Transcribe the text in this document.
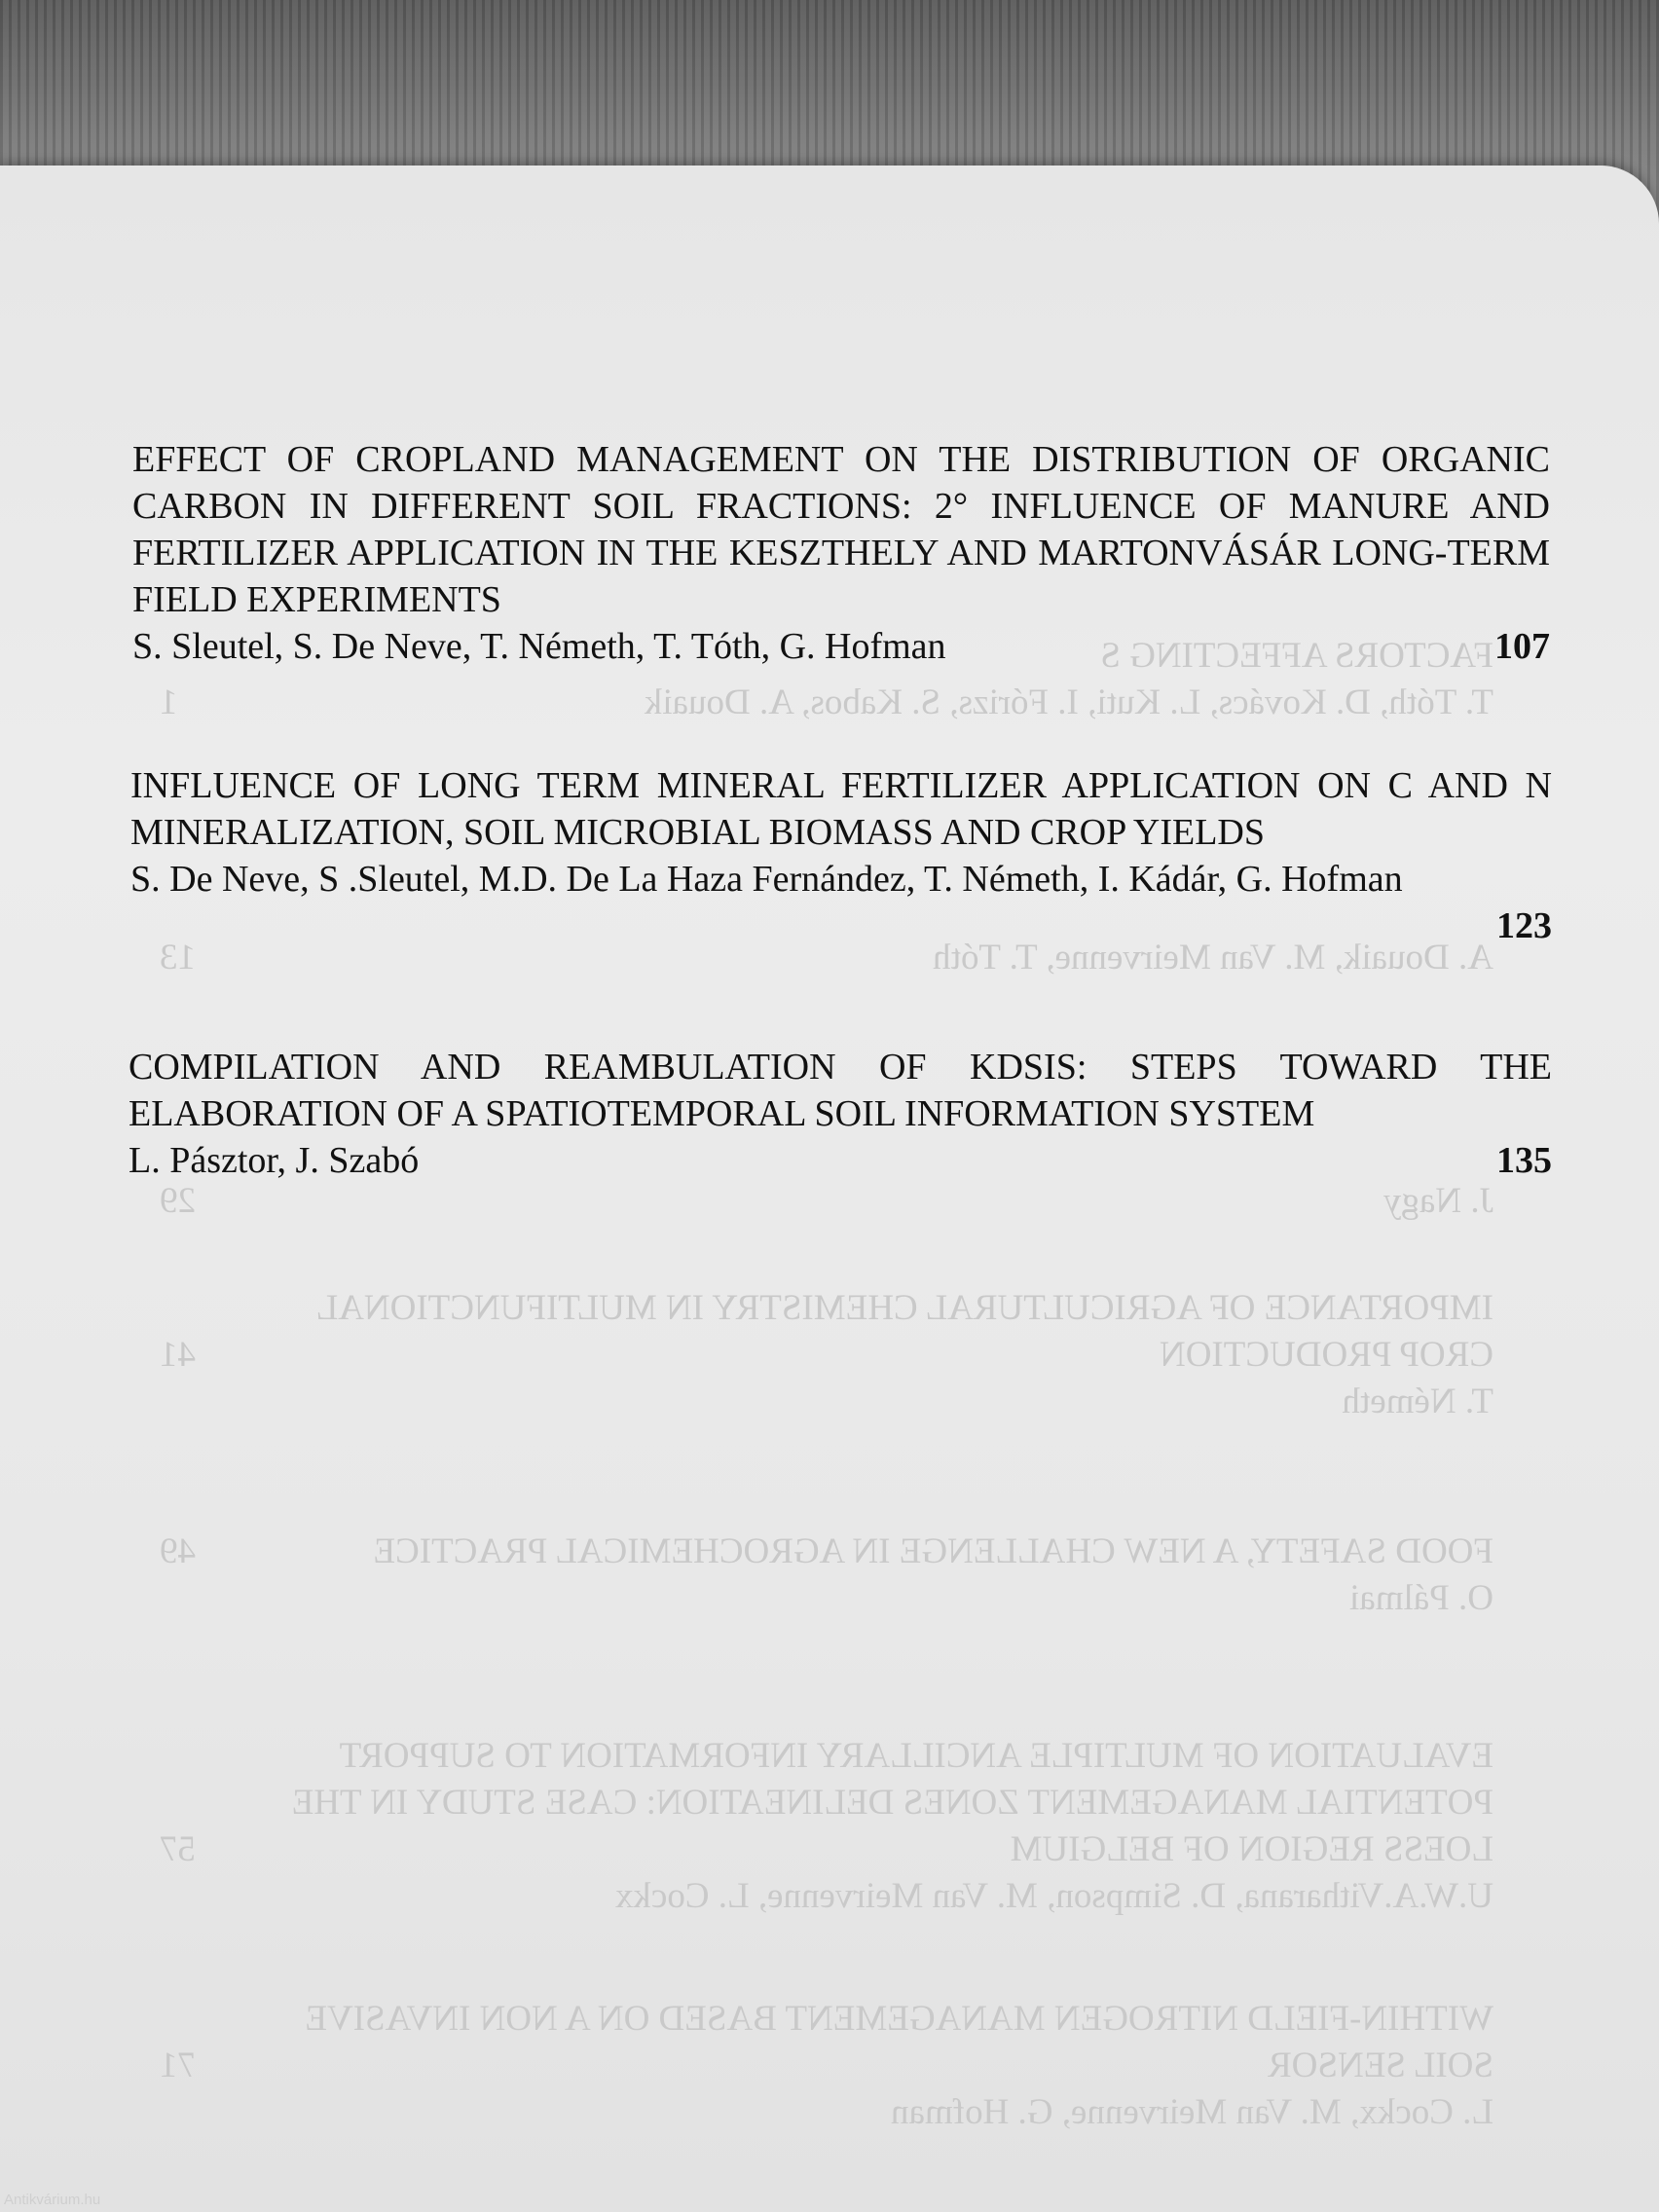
FACTORS AFFECTING S
T. Tóth, D. Kovács, L. Kuti, I. Fórizs, S. Kabos, A. Douaik
1
A. Douaik, M. Van Meirvenne, T. Tóth
13
J. Nagy
29
IMPORTANCE OF AGRICULTURAL CHEMISTRY IN MULTIFUNCTIONAL
CROP PRODUCTION
41
T. Németh
FOOD SAFETY, A NEW CHALLENGE IN AGROCHEMICAL PRACTICE
49
O. Pálmai
EVALUATION OF MULTIPLE ANCILLARY INFORMATION TO SUPPORT
POTENTIAL MANAGEMENT ZONES DELINEATION: CASE STUDY IN THE
LOESS REGION OF BELGIUM
57
U.W.A.Vitharana, D. Simpson, M. Van Meirvenne, L. Cockx
WITHIN-FIELD NITROGEN MANAGEMENT BASED ON A NON INVASIVE
SOIL SENSOR
71
L. Cockx, M. Van Meirvenne, G. Hofman

EFFECT OF CROPLAND MANAGEMENT ON THE DISTRIBUTION OF ORGANIC CARBON IN DIFFERENT SOIL FRACTIONS: 2° INFLUENCE OF MANURE AND FERTILIZER APPLICATION IN THE KESZTHELY AND MARTONVÁSÁR LONG-TERM FIELD EXPERIMENTS

S. Sleutel, S. De Neve, T. Németh, T. Tóth, G. Hofman	107

INFLUENCE OF LONG TERM MINERAL FERTILIZER APPLICATION ON C AND N MINERALIZATION, SOIL MICROBIAL BIOMASS AND CROP YIELDS

S. De Neve, S .Sleutel, M.D. De La Haza Fernández, T. Németh, I. Kádár, G. Hofman
123

COMPILATION AND REAMBULATION OF KDSIS: STEPS TOWARD THE ELABORATION OF A SPATIOTEMPORAL SOIL INFORMATION SYSTEM

L. Pásztor, J. Szabó	135
Antikvárium.hu
